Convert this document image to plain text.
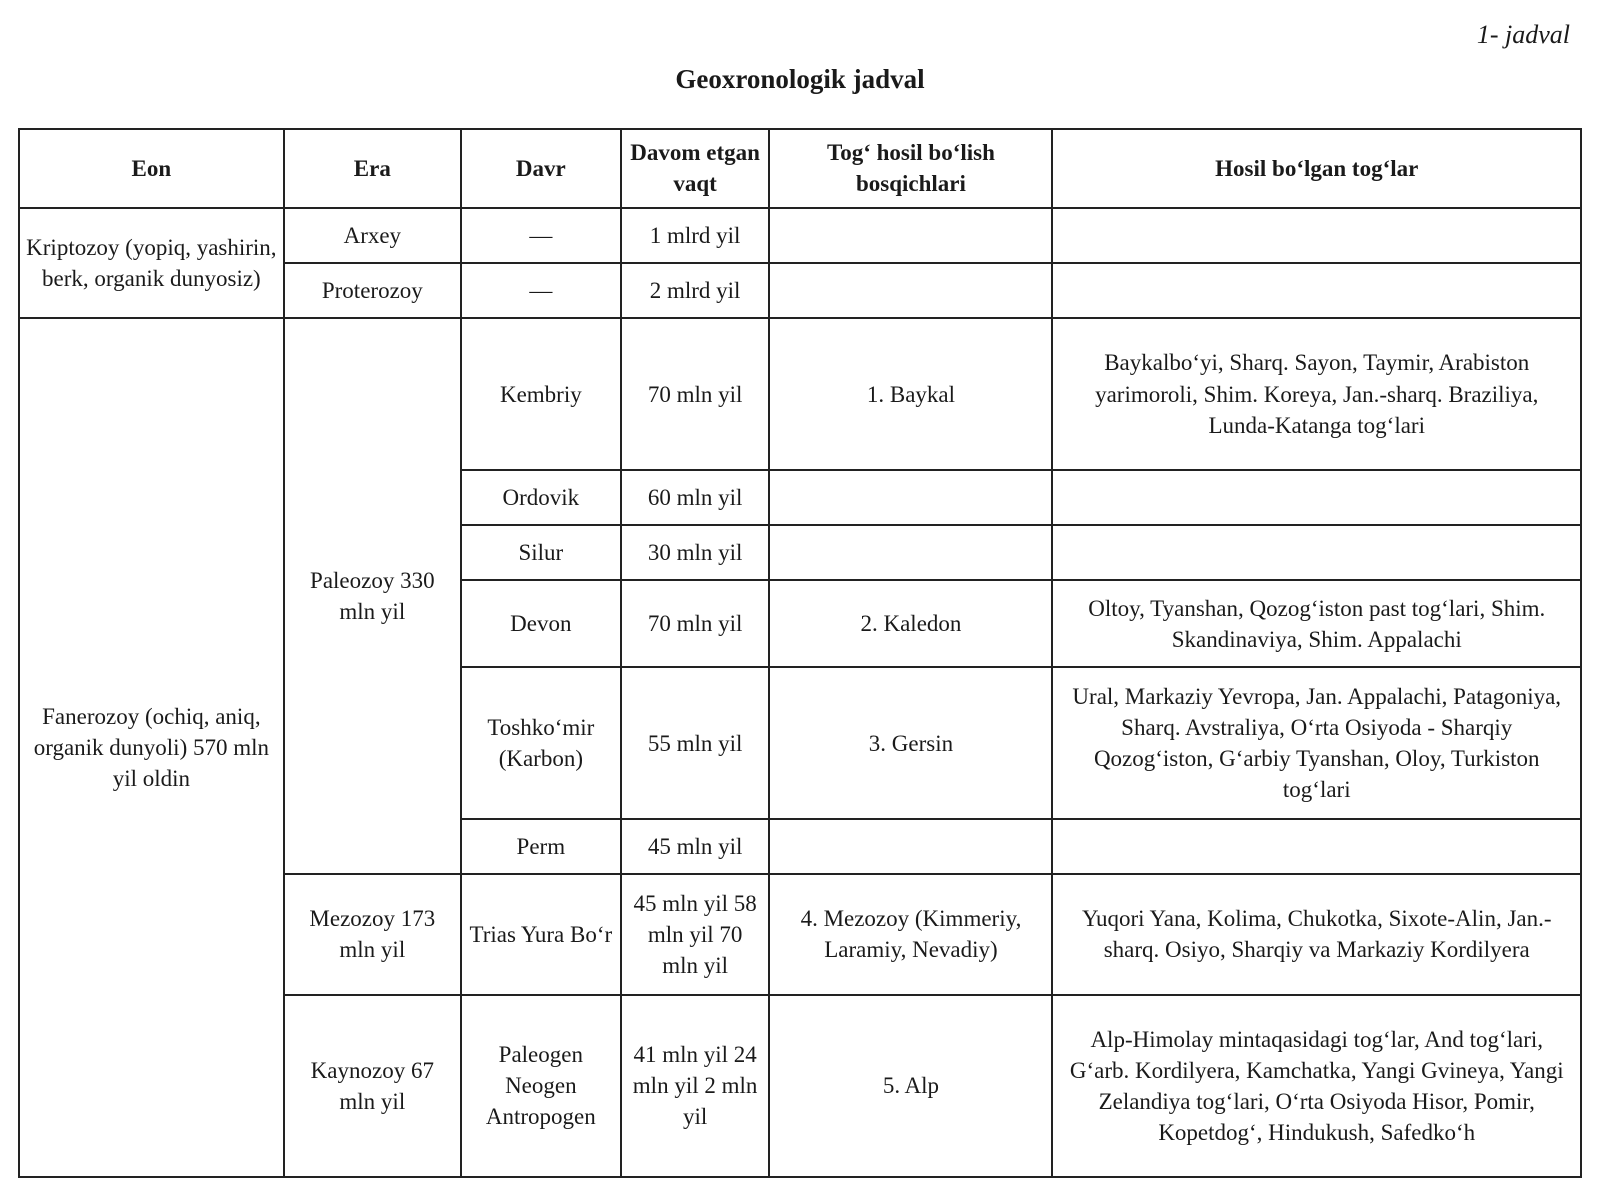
1- jadval
Geoxronologik jadval
Eon	Era	Davr	Davom etgan vaqt	Tog‘ hosil bo‘lish bosqichlari	Hosil bo‘lgan tog‘lar
Kriptozoy (yopiq, yashirin, berk, organik dunyosiz)	Arxey	—	1 mlrd yil		
	Proterozoy	—	2 mlrd yil		
Fanerozoy (ochiq, aniq, organik dunyoli) 570 mln yil oldin	Paleozoy 330 mln yil	Kembriy	70 mln yil	1. Baykal	Baykalbo‘yi, Sharq. Sayon, Taymir, Arabiston yarimoroli, Shim. Koreya, Jan.-sharq. Braziliya, Lunda-Katanga tog‘lari
		Ordovik	60 mln yil		
		Silur	30 mln yil		
		Devon	70 mln yil	2. Kaledon	Oltoy, Tyanshan, Qozog‘iston past tog‘lari, Shim. Skandinaviya, Shim. Appalachi
		Toshko‘mir (Karbon)	55 mln yil	3. Gersin	Ural, Markaziy Yevropa, Jan. Appalachi, Patagoniya, Sharq. Avstraliya, O‘rta Osiyoda - Sharqiy Qozog‘iston, G‘arbiy Tyanshan, Oloy, Turkiston tog‘lari
		Perm	45 mln yil		
	Mezozoy 173 mln yil	Trias Yura Bo‘r	45 mln yil 58 mln yil 70 mln yil	4. Mezozoy (Kimmeriy, Laramiy, Nevadiy)	Yuqori Yana, Kolima, Chukotka, Sixote-Alin, Jan.-sharq. Osiyo, Sharqiy va Markaziy Kordilyera
	Kaynozoy 67 mln yil	Paleogen Neogen Antropogen	41 mln yil 24 mln yil 2 mln yil	5. Alp	Alp-Himolay mintaqasidagi tog‘lar, And tog‘lari, G‘arb. Kordilyera, Kamchatka, Yangi Gvineya, Yangi Zelandiya tog‘lari, O‘rta Osiyoda Hisor, Pomir, Kopetdog‘, Hindukush, Safedko‘h
